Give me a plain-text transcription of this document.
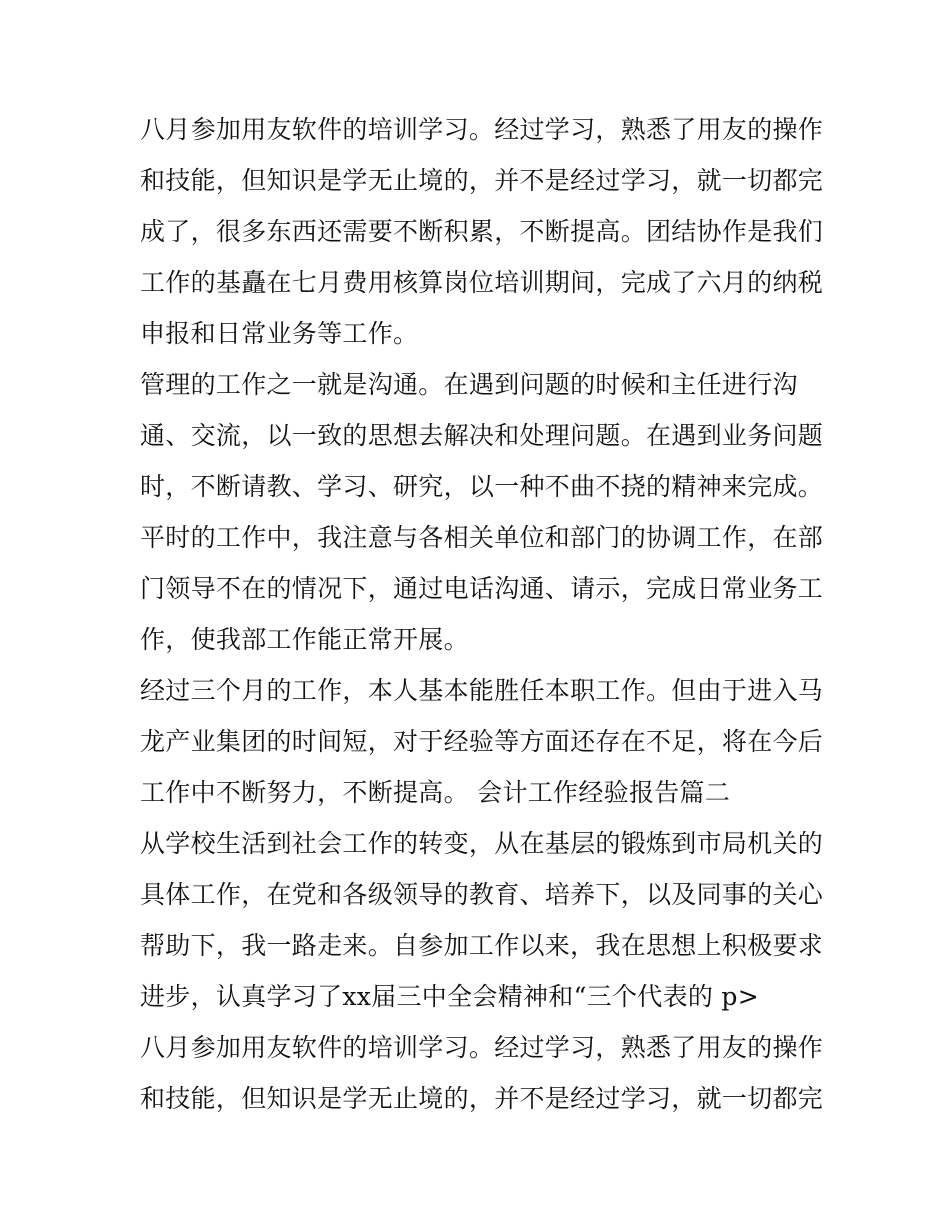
八月参加用友软件的培训学习。经过学习，熟悉了用友的操作
和技能，但知识是学无止境的，并不是经过学习，就一切都完
成了，很多东西还需要不断积累，不断提高。团结协作是我们
工作的基矗在七月费用核算岗位培训期间，完成了六月的纳税
申报和日常业务等工作。
管理的工作之一就是沟通。在遇到问题的时候和主任进行沟
通、交流，以一致的思想去解决和处理问题。在遇到业务问题
时，不断请教、学习、研究，以一种不曲不挠的精神来完成。
平时的工作中，我注意与各相关单位和部门的协调工作，在部
门领导不在的情况下，通过电话沟通、请示，完成日常业务工
作，使我部工作能正常开展。
经过三个月的工作，本人基本能胜任本职工作。但由于进入马
龙产业集团的时间短，对于经验等方面还存在不足，将在今后
工作中不断努力，不断提高。 会计工作经验报告篇二
从学校生活到社会工作的转变，从在基层的锻炼到市局机关的
具体工作，在党和各级领导的教育、培养下，以及同事的关心
帮助下，我一路走来。自参加工作以来，我在思想上积极要求
进步，认真学习了xx届三中全会精神和“三个代表的 p>
八月参加用友软件的培训学习。经过学习，熟悉了用友的操作
和技能，但知识是学无止境的，并不是经过学习，就一切都完
